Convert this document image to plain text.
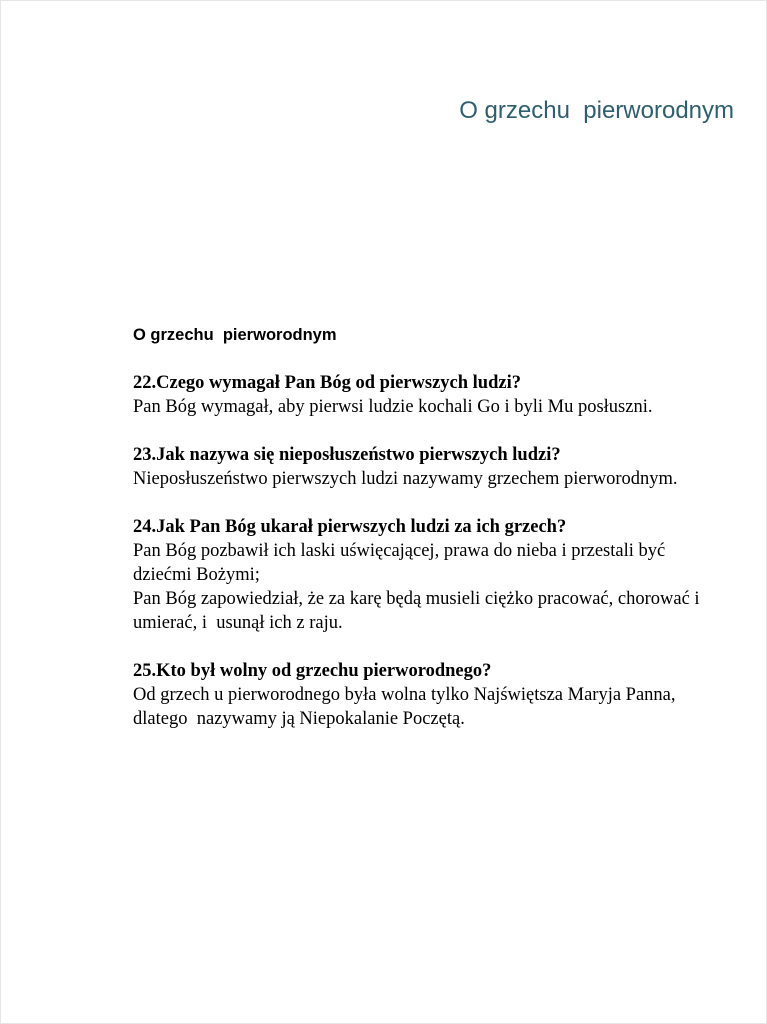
O grzechu  pierworodnym
O grzechu  pierworodnym

22.Czego wymagał Pan Bóg od pierwszych ludzi?

Pan Bóg wymagał, aby pierwsi ludzie kochali Go i byli Mu posłuszni.

23.Jak nazywa się nieposłuszeństwo pierwszych ludzi?

Nieposłuszeństwo pierwszych ludzi nazywamy grzechem pierworodnym.

24.Jak Pan Bóg ukarał pierwszych ludzi za ich grzech?

Pan Bóg pozbawił ich laski uświęcającej, prawa do nieba i przestali być dziećmi Bożymi;

Pan Bóg zapowiedział, że za karę będą musieli ciężko pracować, chorować i umierać, i  usunął ich z raju.

25.Kto był wolny od grzechu pierworodnego?

Od grzech u pierworodnego była wolna tylko Najświętsza Maryja Panna, dlatego  nazywamy ją Niepokalanie Poczętą.
